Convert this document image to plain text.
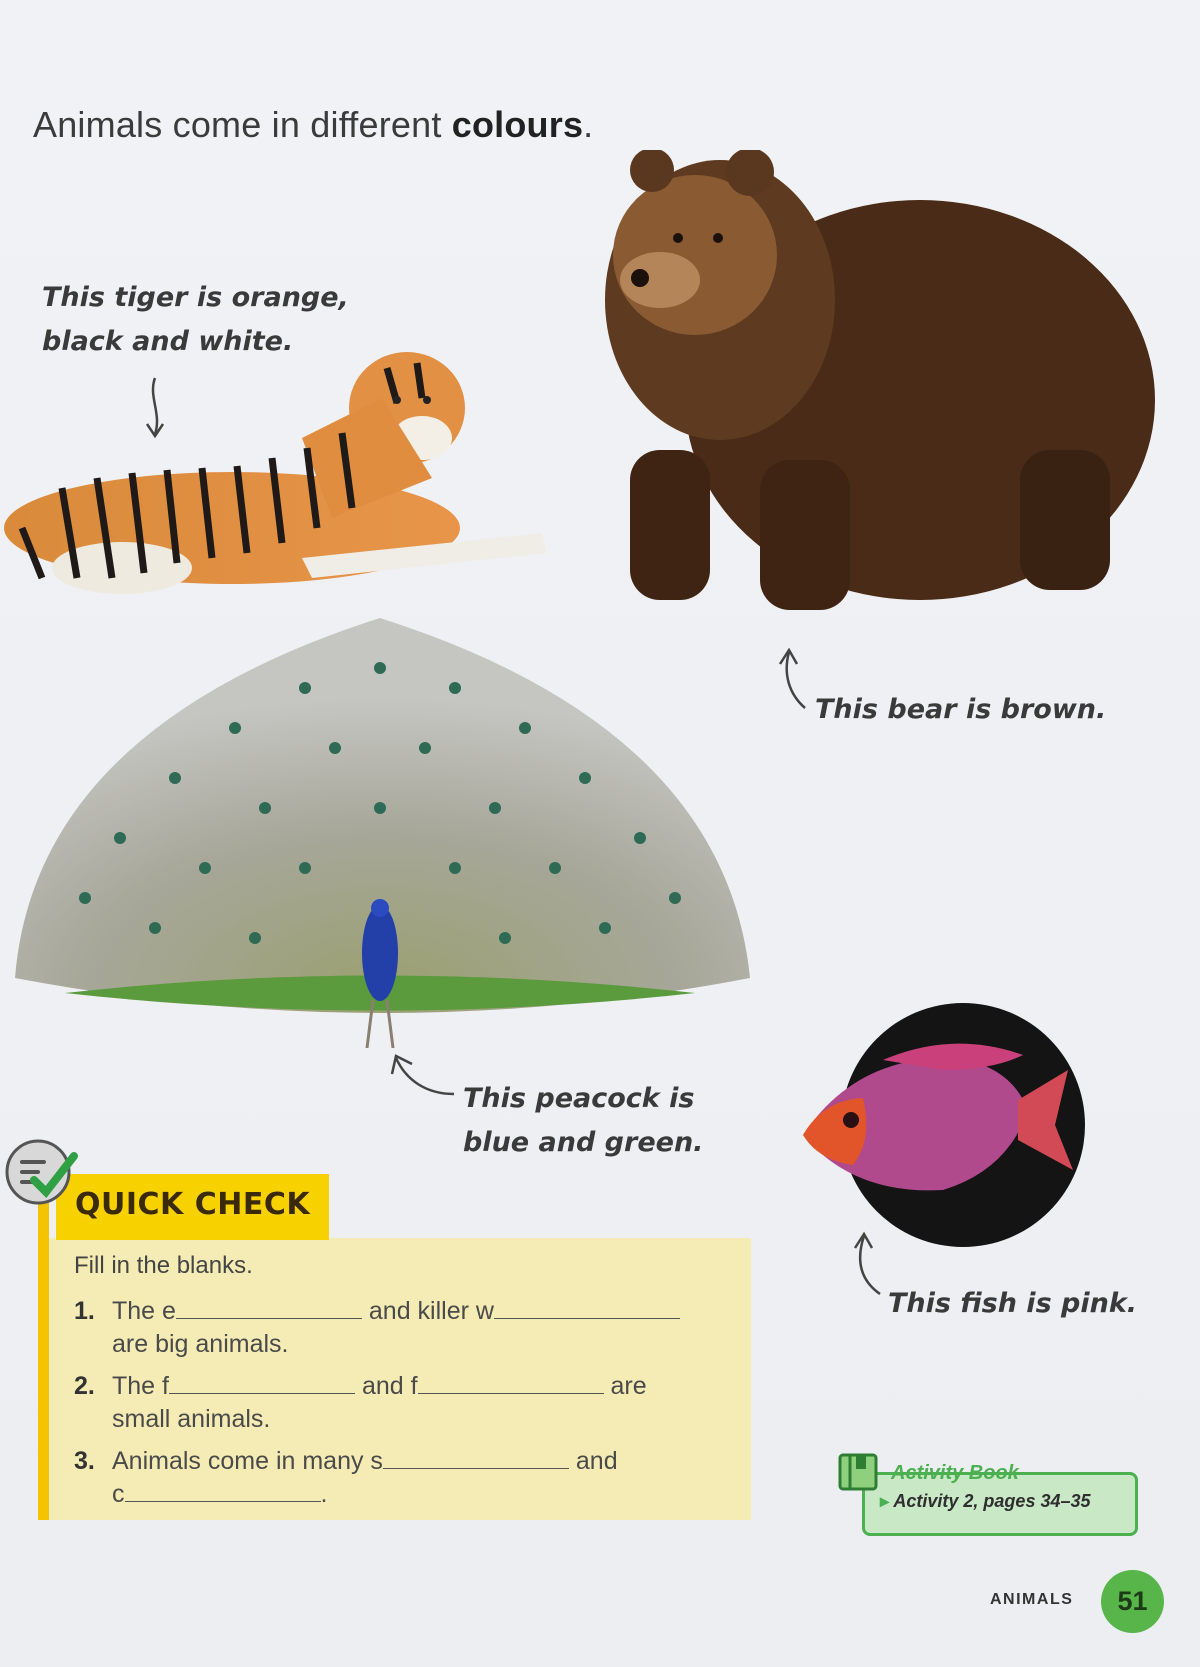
Animals come in different colours.
This tiger is orange,
black and white.
This bear is brown.
This peacock is
blue and green.
This fish is pink.
QUICK CHECK
Fill in the blanks.
1. The e	and killer w
are big animals.
2. The f	and f	are
small animals.
3. Animals come in many s	and
c	.
Activity Book
▸ Activity 2, pages 34–35
ANIMALS	51
